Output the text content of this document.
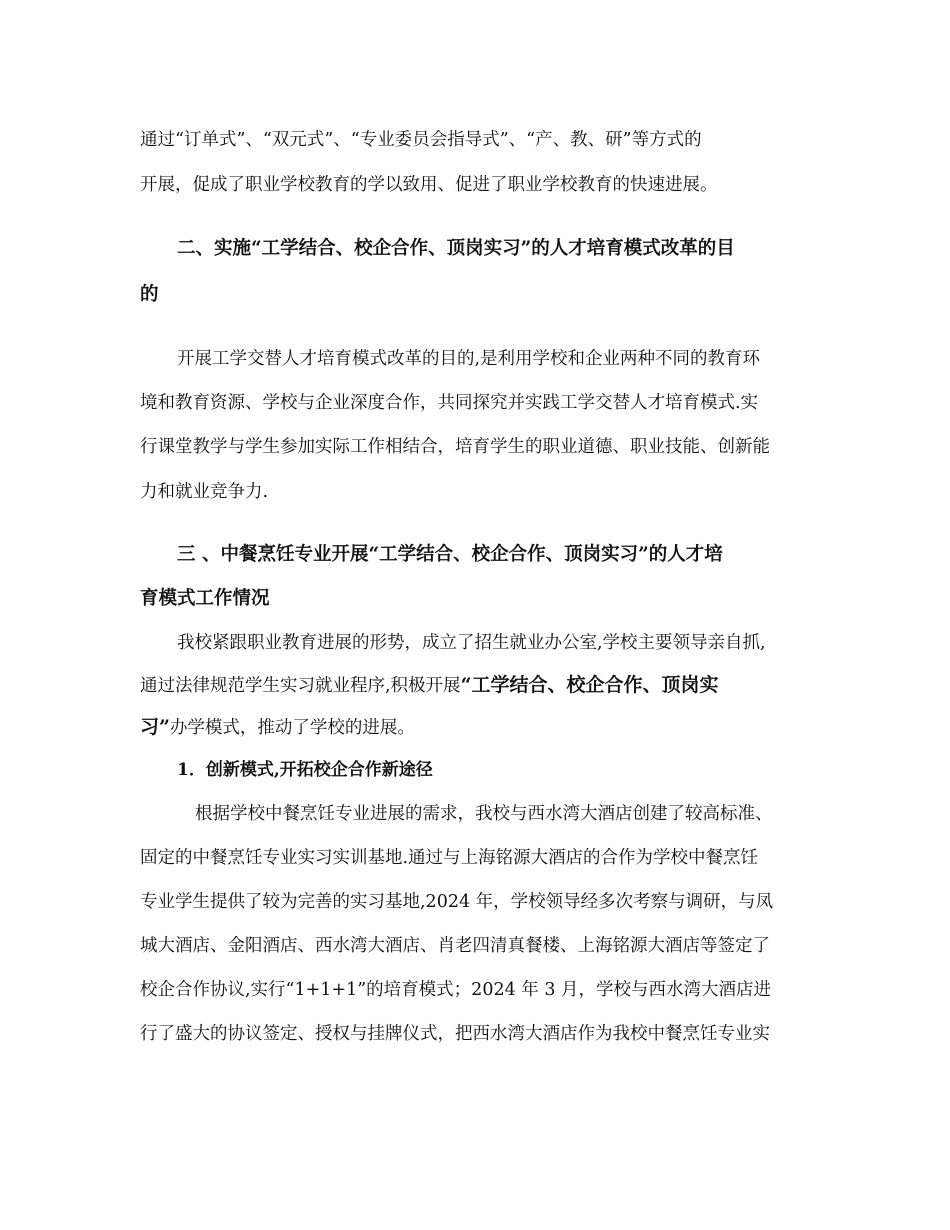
通过“订单式”、“双元式”、“专业委员会指导式”、“产、教、研”等方式的
开展，促成了职业学校教育的学以致用、促进了职业学校教育的快速进展。
二、实施“工学结合、校企合作、顶岗实习”的人才培育模式改革的目
的
开展工学交替人才培育模式改革的目的,是利用学校和企业两种不同的教育环
境和教育资源、学校与企业深度合作，共同探究并实践工学交替人才培育模式.实
行课堂教学与学生参加实际工作相结合，培育学生的职业道德、职业技能、创新能
力和就业竞争力.
三 、中餐烹饪专业开展“工学结合、校企合作、顶岗实习”的人才培
育模式工作情况
我校紧跟职业教育进展的形势，成立了招生就业办公室,学校主要领导亲自抓,
通过法律规范学生实习就业程序,积极开展“工学结合、校企合作、顶岗实
习”办学模式，推动了学校的进展。
1．创新模式,开拓校企合作新途径
根据学校中餐烹饪专业进展的需求，我校与西水湾大酒店创建了较高标准、
固定的中餐烹饪专业实习实训基地.通过与上海铭源大酒店的合作为学校中餐烹饪
专业学生提供了较为完善的实习基地,2024 年，学校领导经多次考察与调研，与凤
城大酒店、金阳酒店、西水湾大酒店、肖老四清真餐楼、上海铭源大酒店等签定了
校企合作协议,实行“1+1+1”的培育模式；2024 年 3 月，学校与西水湾大酒店进
行了盛大的协议签定、授权与挂牌仪式，把西水湾大酒店作为我校中餐烹饪专业实
